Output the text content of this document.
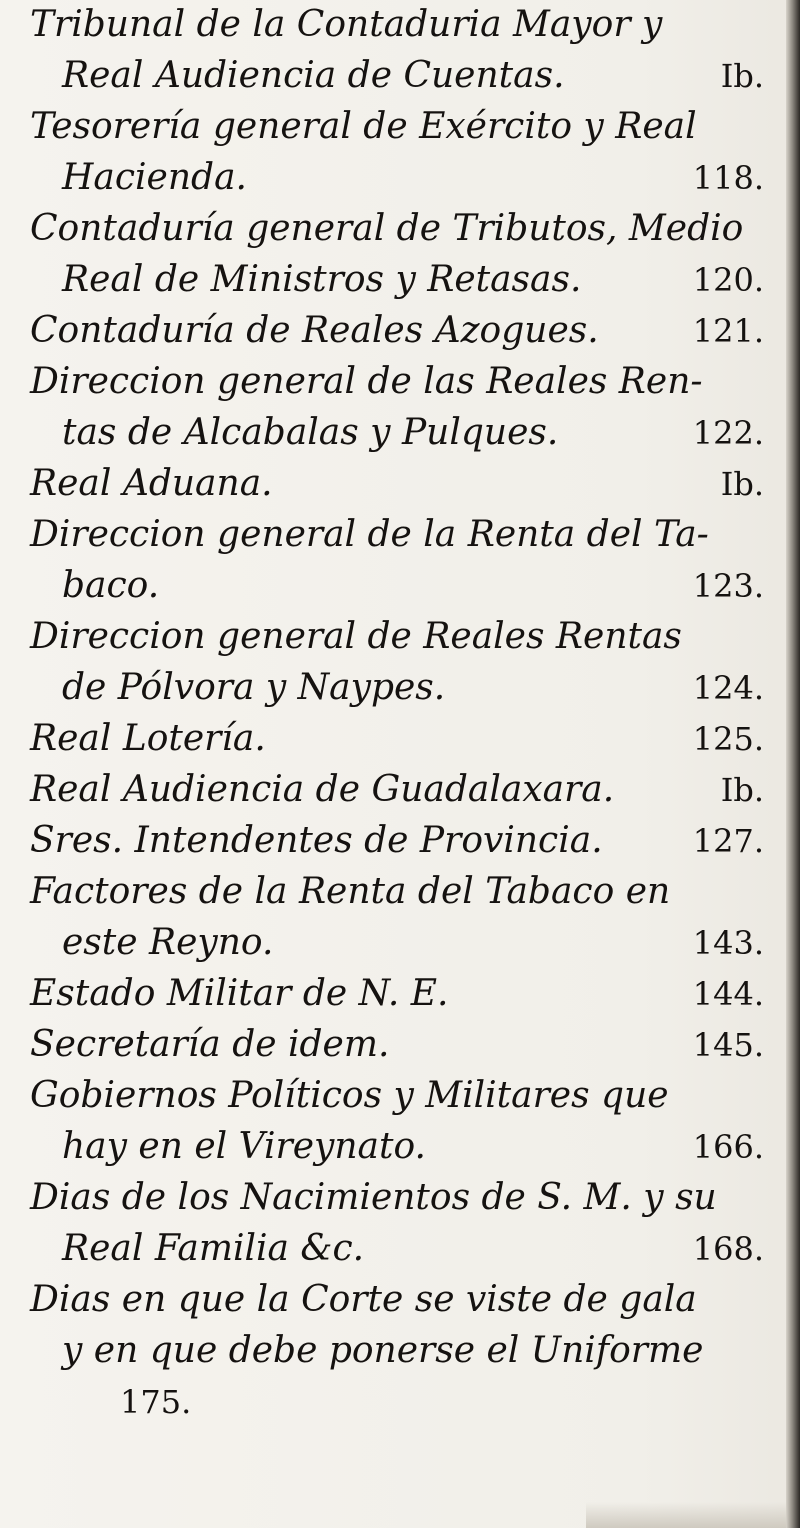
Tribunal de la Contaduria Mayor y
Real Audiencia de Cuentas.	Ib.
Tesorería general de Exército y Real
Hacienda.	118.
Contaduría general de Tributos, Medio
Real de Ministros y Retasas.	120.
Contaduría de Reales Azogues.	121.
Direccion general de las Reales Ren-
tas de Alcabalas y Pulques.	122.
Real Aduana.	Ib.
Direccion general de la Renta del Ta-
baco.	123.
Direccion general de Reales Rentas
de Pólvora y Naypes.	124.
Real Lotería.	125.
Real Audiencia de Guadalaxara.	Ib.
Sres. Intendentes de Provincia.	127.
Factores de la Renta del Tabaco en
este Reyno.	143.
Estado Militar de N. E.	144.
Secretaría de idem.	145.
Gobiernos Políticos y Militares que
hay en el Vireynato.	166.
Dias de los Nacimientos de S. M. y su
Real Familia &c.	168.
Dias en que la Corte se viste de gala
y en que debe ponerse el Uniforme
175.
